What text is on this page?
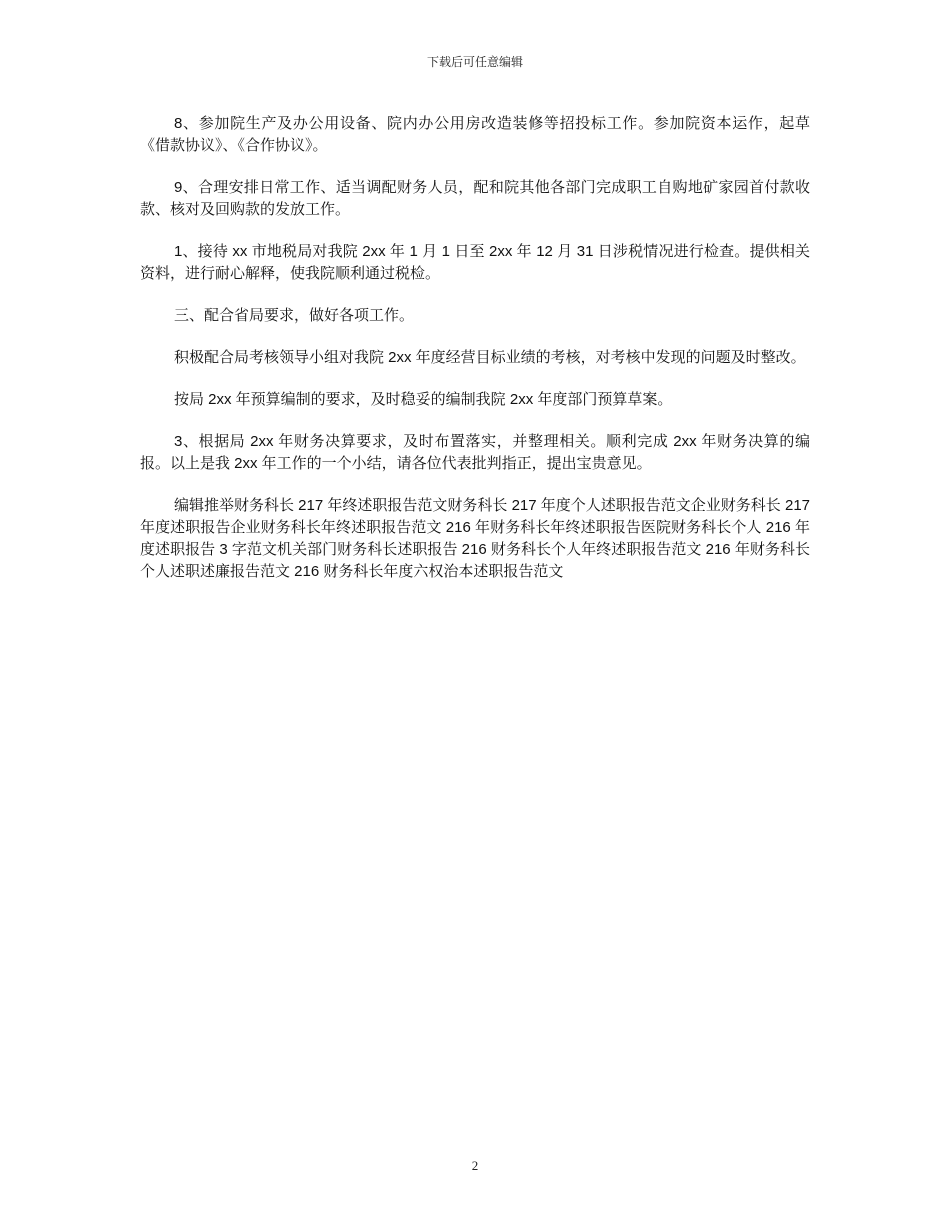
下载后可任意编辑

8、参加院生产及办公用设备、院内办公用房改造装修等招投标工作。参加院资本运作，起草《借款协议》、《合作协议》。

9、合理安排日常工作、适当调配财务人员，配和院其他各部门完成职工自购地矿家园首付款收款、核对及回购款的发放工作。

1、接待 xx 市地税局对我院 2xx 年 1 月 1 日至 2xx 年 12 月 31 日涉税情况进行检查。提供相关资料，进行耐心解释，使我院顺利通过税检。

三、配合省局要求，做好各项工作。

积极配合局考核领导小组对我院 2xx 年度经营目标业绩的考核，对考核中发现的问题及时整改。

按局 2xx 年预算编制的要求，及时稳妥的编制我院 2xx 年度部门预算草案。

3、根据局 2xx 年财务决算要求，及时布置落实，并整理相关。顺利完成 2xx 年财务决算的编报。以上是我 2xx 年工作的一个小结，请各位代表批判指正，提出宝贵意见。

编辑推举财务科长 217 年终述职报告范文财务科长 217 年度个人述职报告范文企业财务科长 217 年度述职报告企业财务科长年终述职报告范文 216 年财务科长年终述职报告医院财务科长个人 216 年度述职报告 3 字范文机关部门财务科长述职报告 216 财务科长个人年终述职报告范文 216 年财务科长个人述职述廉报告范文 216 财务科长年度六权治本述职报告范文

2
